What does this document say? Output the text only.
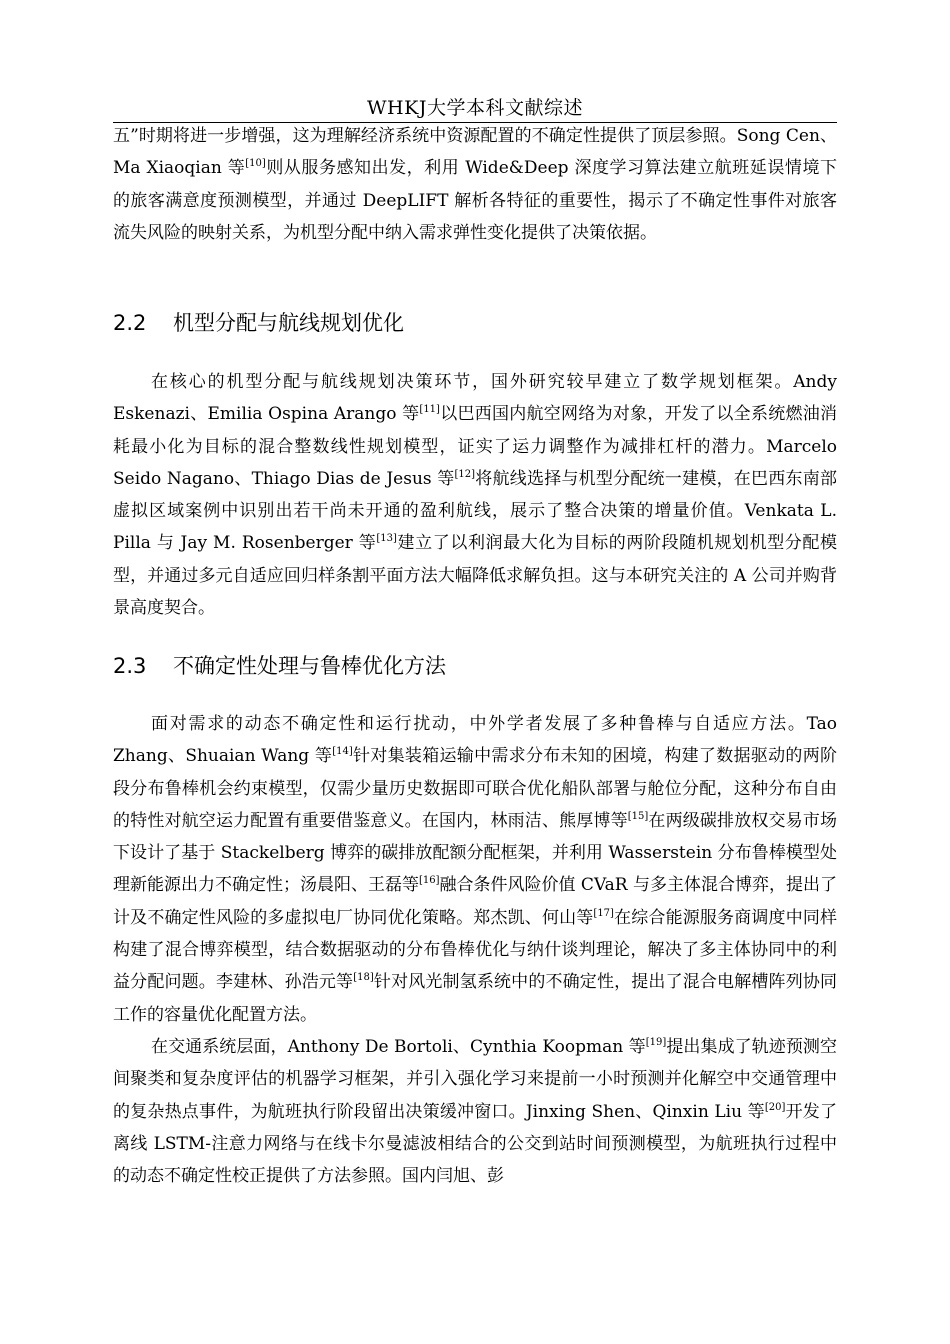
WHKJ大学本科文献综述

五”时期将进一步增强，这为理解经济系统中资源配置的不确定性提供了顶层参照。Song Cen、Ma Xiaoqian 等[10]则从服务感知出发，利用 Wide&Deep 深度学习算法建立航班延误情境下的旅客满意度预测模型，并通过 DeepLIFT 解析各特征的重要性，揭示了不确定性事件对旅客流失风险的映射关系，为机型分配中纳入需求弹性变化提供了决策依据。

2.2 机型分配与航线规划优化

在核心的机型分配与航线规划决策环节，国外研究较早建立了数学规划框架。Andy Eskenazi、Emilia Ospina Arango 等[11]以巴西国内航空网络为对象，开发了以全系统燃油消耗最小化为目标的混合整数线性规划模型，证实了运力调整作为减排杠杆的潜力。Marcelo Seido Nagano、Thiago Dias de Jesus 等[12]将航线选择与机型分配统一建模，在巴西东南部虚拟区域案例中识别出若干尚未开通的盈利航线，展示了整合决策的增量价值。Venkata L. Pilla 与 Jay M. Rosenberger 等[13]建立了以利润最大化为目标的两阶段随机规划机型分配模型，并通过多元自适应回归样条割平面方法大幅降低求解负担。这与本研究关注的 A 公司并购背景高度契合。

2.3 不确定性处理与鲁棒优化方法

面对需求的动态不确定性和运行扰动，中外学者发展了多种鲁棒与自适应方法。Tao Zhang、Shuaian Wang 等[14]针对集装箱运输中需求分布未知的困境，构建了数据驱动的两阶段分布鲁棒机会约束模型，仅需少量历史数据即可联合优化船队部署与舱位分配，这种分布自由的特性对航空运力配置有重要借鉴意义。在国内，林雨洁、熊厚博等[15]在两级碳排放权交易市场下设计了基于 Stackelberg 博弈的碳排放配额分配框架，并利用 Wasserstein 分布鲁棒模型处理新能源出力不确定性；汤晨阳、王磊等[16]融合条件风险价值 CVaR 与多主体混合博弈，提出了计及不确定性风险的多虚拟电厂协同优化策略。郑杰凯、何山等[17]在综合能源服务商调度中同样构建了混合博弈模型，结合数据驱动的分布鲁棒优化与纳什谈判理论，解决了多主体协同中的利益分配问题。李建林、孙浩元等[18]针对风光制氢系统中的不确定性，提出了混合电解槽阵列协同工作的容量优化配置方法。

在交通系统层面，Anthony De Bortoli、Cynthia Koopman 等[19]提出集成了轨迹预测空间聚类和复杂度评估的机器学习框架，并引入强化学习来提前一小时预测并化解空中交通管理中的复杂热点事件，为航班执行阶段留出决策缓冲窗口。Jinxing Shen、Qinxin Liu 等[20]开发了离线 LSTM-注意力网络与在线卡尔曼滤波相结合的公交到站时间预测模型，为航班执行过程中的动态不确定性校正提供了方法参照。国内闫旭、彭
